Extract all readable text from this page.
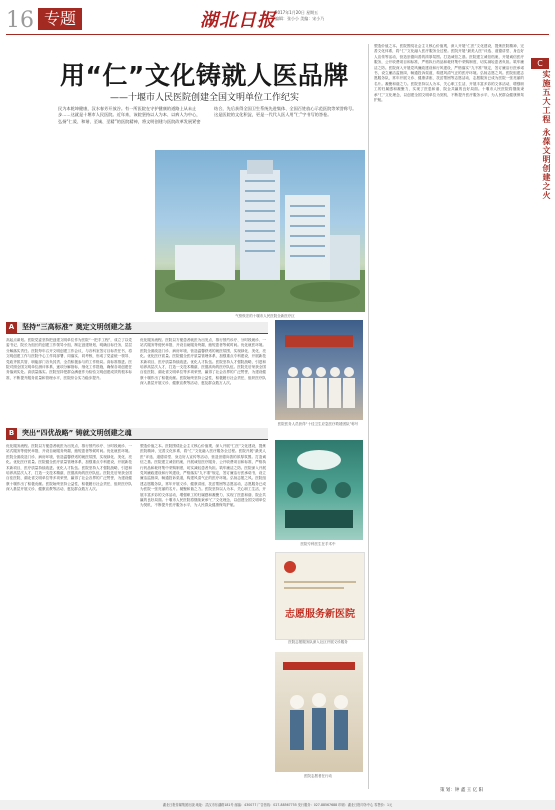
16 专题	湖北日报 2017年1月20日 星期五
编辑：张小小 美编：宋小乃
用“仁”文化铸就人医品牌
——十堰市人民医院创建全国文明单位工作纪实
民为本乾坤健康，汉水春芳开放谷。有一所医院在守护健康的道路上从未止步……这就是十堰市人民医院。近年来，该院坚持以人为本、以病人为中心，弘扬“仁爱、和谐、至诚、至精”的医院精神，将文明创建与医院改革发展紧密结合，先后获得全国卫生系统先进集体、全国百姓放心示范医院等荣誉称号。这是医院的文化积淀，更是一代代人医人用“仁”字书写的答卷。
气势恢宏的十堰市人民医院全新医疗区
A	坚持“三高标准” 奠定文明创建之基
高起点谋划。医院党委坚持把创建文明单位作为医院“一把手工程”，成立了以党委书记、院长为组长的创建工作领导小组，制定创建规划，明确目标任务，层层分解落实责任。医院每年召开文明创建工作会议，与各科室签订目标责任书，将文明创建工作与医院中心工作同部署、同落实、同考核，形成了党委统一领导、党政齐抓共管、职能部门各负其责、全员积极参与的工作格局。高标准推进。医院对照全国文明单位测评体系，逐项分解指标，细化工作措施，确保各项创建任务落到实处。高质量落实。医院坚持把群众满意作为检验文明创建成效的根本标准，不断提升服务质量和管理水平，医院综合实力稳步提升。
优化服务流程。医院以方便患者就医为出发点，推行预约诊疗、分时段就诊、一站式服务等便民举措，开设自助服务终端，缩短患者等候时间。优化就医环境。医院全面改造门诊、病房环境，营造温馨舒适的就医氛围，实现绿化、美化、亮化。优化医疗质量。医院健全医疗质量管理体系，加强重点专科建设，开展新技术新项目，医疗质量持续改进。优化人才队伍。医院坚持人才强院战略，引进和培养高层次人才，打造一支技术精湛、医德高尚的医疗队伍。医院先后荣获全国百佳医院、湖北省文明单位等多项荣誉，赢得了社会各界的广泛赞誉，为建设健康十堰作出了积极贡献。医院始终坚持公益性，积极履行社会责任，组织医疗队深入基层开展义诊、健康宣教等活动，惠及群众数万人次。
医院医务人员获得“十佳卫生应急医疗救援团队”称号
B	突出“四优战略” 铸就文明创建之魂
优化服务流程。医院以方便患者就医为出发点，推行预约诊疗、分时段就诊、一站式服务等便民举措，开设自助服务终端，缩短患者等候时间。优化就医环境。医院全面改造门诊、病房环境，营造温馨舒适的就医氛围，实现绿化、美化、亮化。优化医疗质量。医院健全医疗质量管理体系，加强重点专科建设，开展新技术新项目，医疗质量持续改进。优化人才队伍。医院坚持人才强院战略，引进和培养高层次人才，打造一支技术精湛、医德高尚的医疗队伍。医院先后荣获全国百佳医院、湖北省文明单位等多项荣誉，赢得了社会各界的广泛赞誉，为建设健康十堰作出了积极贡献。医院始终坚持公益性，积极履行社会责任，组织医疗队深入基层开展义诊、健康宣教等活动，惠及群众数万人次。
塑造价值之本。医院围绕社会主义核心价值观，深入开展“仁医”文化建设，提炼医院精神，完善文化体系，将“仁”文化融入医疗服务全过程。医院开展“最美人医”评选、道德讲堂、身边好人宣传等活动，营造崇德向善的浓厚氛围。打造诚信之基。医院建立诚信档案，开展诚信医疗服务，公开收费项目和标准，严格执行药品和耗材集中采购制度，切实减轻患者负担。筑牢廉洁之防。医院深入开展党风廉政建设和行风建设，严格落实“九不准”规定，签订廉洁行医承诺书，设立廉洁监督岗，畅通投诉渠道，构建风清气正的医疗环境。弘扬志愿之风。医院组建志愿服务队，常年开展义诊、健康讲座、扶贫帮困等志愿活动，志愿服务已成为医院一张亮丽的名片。凝聚和谐之力。医院坚持以人为本，关心职工生活，开展丰富多彩的文体活动，增强职工的归属感和凝聚力，实现了医患和谐、院企共赢的良好局面。十堰市人民医院将继续秉承“仁”文化理念，以创建全国文明单位为契机，不断提升医疗服务水平，为人民群众健康保驾护航。
医院专科医生在手术中
志愿服务新医院
医院志愿服务队深入社区开展义诊服务
医院志愿者在行动
塑造价值之本。医院围绕社会主义核心价值观，深入开展“仁医”文化建设，提炼医院精神，完善文化体系，将“仁”文化融入医疗服务全过程。医院开展“最美人医”评选、道德讲堂、身边好人宣传等活动，营造崇德向善的浓厚氛围。打造诚信之基。医院建立诚信档案，开展诚信医疗服务，公开收费项目和标准，严格执行药品和耗材集中采购制度，切实减轻患者负担。筑牢廉洁之防。医院深入开展党风廉政建设和行风建设，严格落实“九不准”规定，签订廉洁行医承诺书，设立廉洁监督岗，畅通投诉渠道，构建风清气正的医疗环境。弘扬志愿之风。医院组建志愿服务队，常年开展义诊、健康讲座、扶贫帮困等志愿活动，志愿服务已成为医院一张亮丽的名片。凝聚和谐之力。医院坚持以人为本，关心职工生活，开展丰富多彩的文体活动，增强职工的归属感和凝聚力，实现了医患和谐、院企共赢的良好局面。十堰市人民医院将继续秉承“仁”文化理念，以创建全国文明单位为契机，不断提升医疗服务水平，为人民群众健康保驾护航。
C
实施五大工程 永葆文明创建之火
策 划：钟 鑫 王 亿 阳
湖北日报传媒集团出版 地址：武汉市东湖路181号 邮编：430077 广告热线：027-88567755 发行服务：027-88567688 印刷：湖北日报印务中心 零售价：1元
